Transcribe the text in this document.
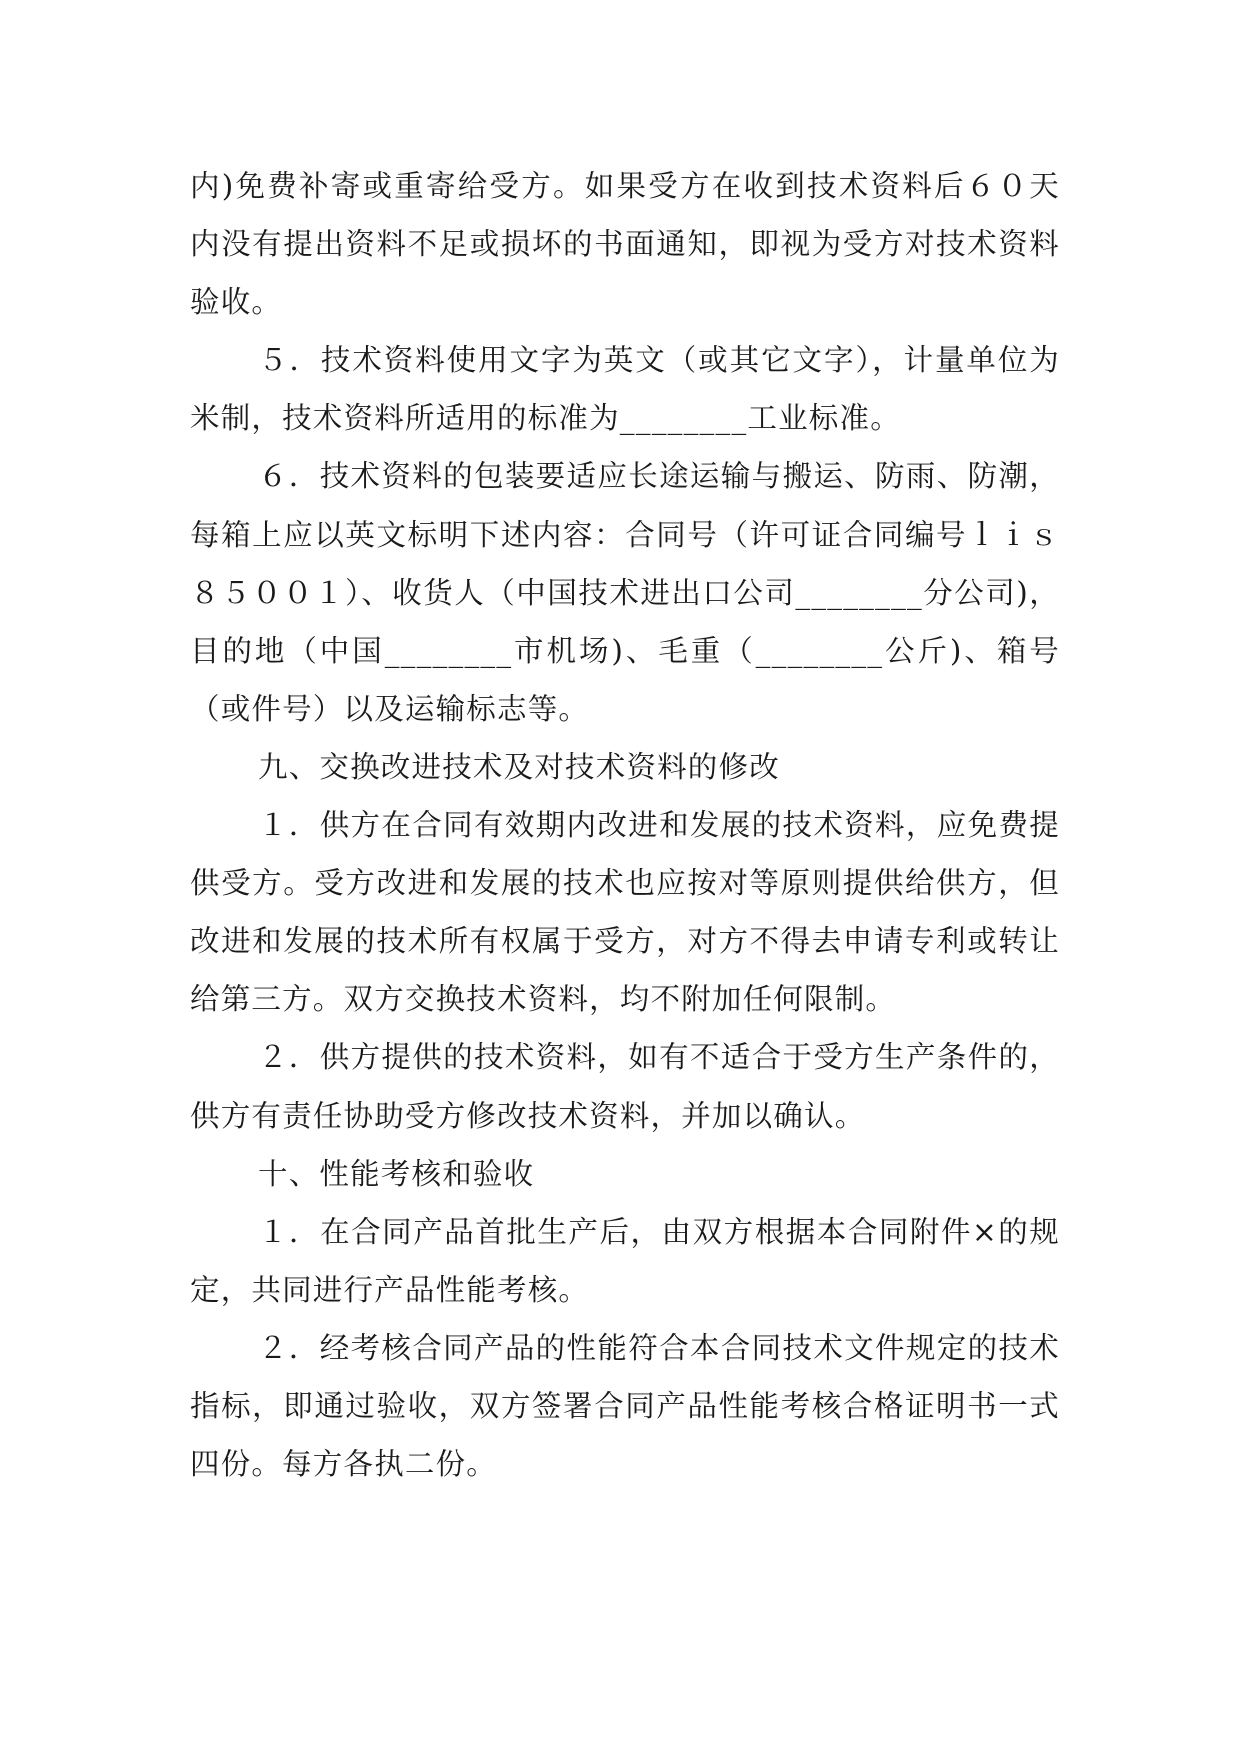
内)免费补寄或重寄给受方。如果受方在收到技术资料后６０天内没有提出资料不足或损坏的书面通知，即视为受方对技术资料验收。

５．技术资料使用文字为英文（或其它文字），计量单位为米制，技术资料所适用的标准为________工业标准。

６．技术资料的包装要适应长途运输与搬运、防雨、防潮，每箱上应以英文标明下述内容：合同号（许可证合同编号ｌｉｓ８５００１）、收货人（中国技术进出口公司________分公司)，目的地（中国________市机场)、毛重（________公斤)、箱号（或件号）以及运输标志等。

九、交换改进技术及对技术资料的修改

１．供方在合同有效期内改进和发展的技术资料，应免费提供受方。受方改进和发展的技术也应按对等原则提供给供方，但改进和发展的技术所有权属于受方，对方不得去申请专利或转让给第三方。双方交换技术资料，均不附加任何限制。

２．供方提供的技术资料，如有不适合于受方生产条件的，供方有责任协助受方修改技术资料，并加以确认。

十、性能考核和验收

１．在合同产品首批生产后，由双方根据本合同附件×的规定，共同进行产品性能考核。

２．经考核合同产品的性能符合本合同技术文件规定的技术指标，即通过验收，双方签署合同产品性能考核合格证明书一式四份。每方各执二份。
